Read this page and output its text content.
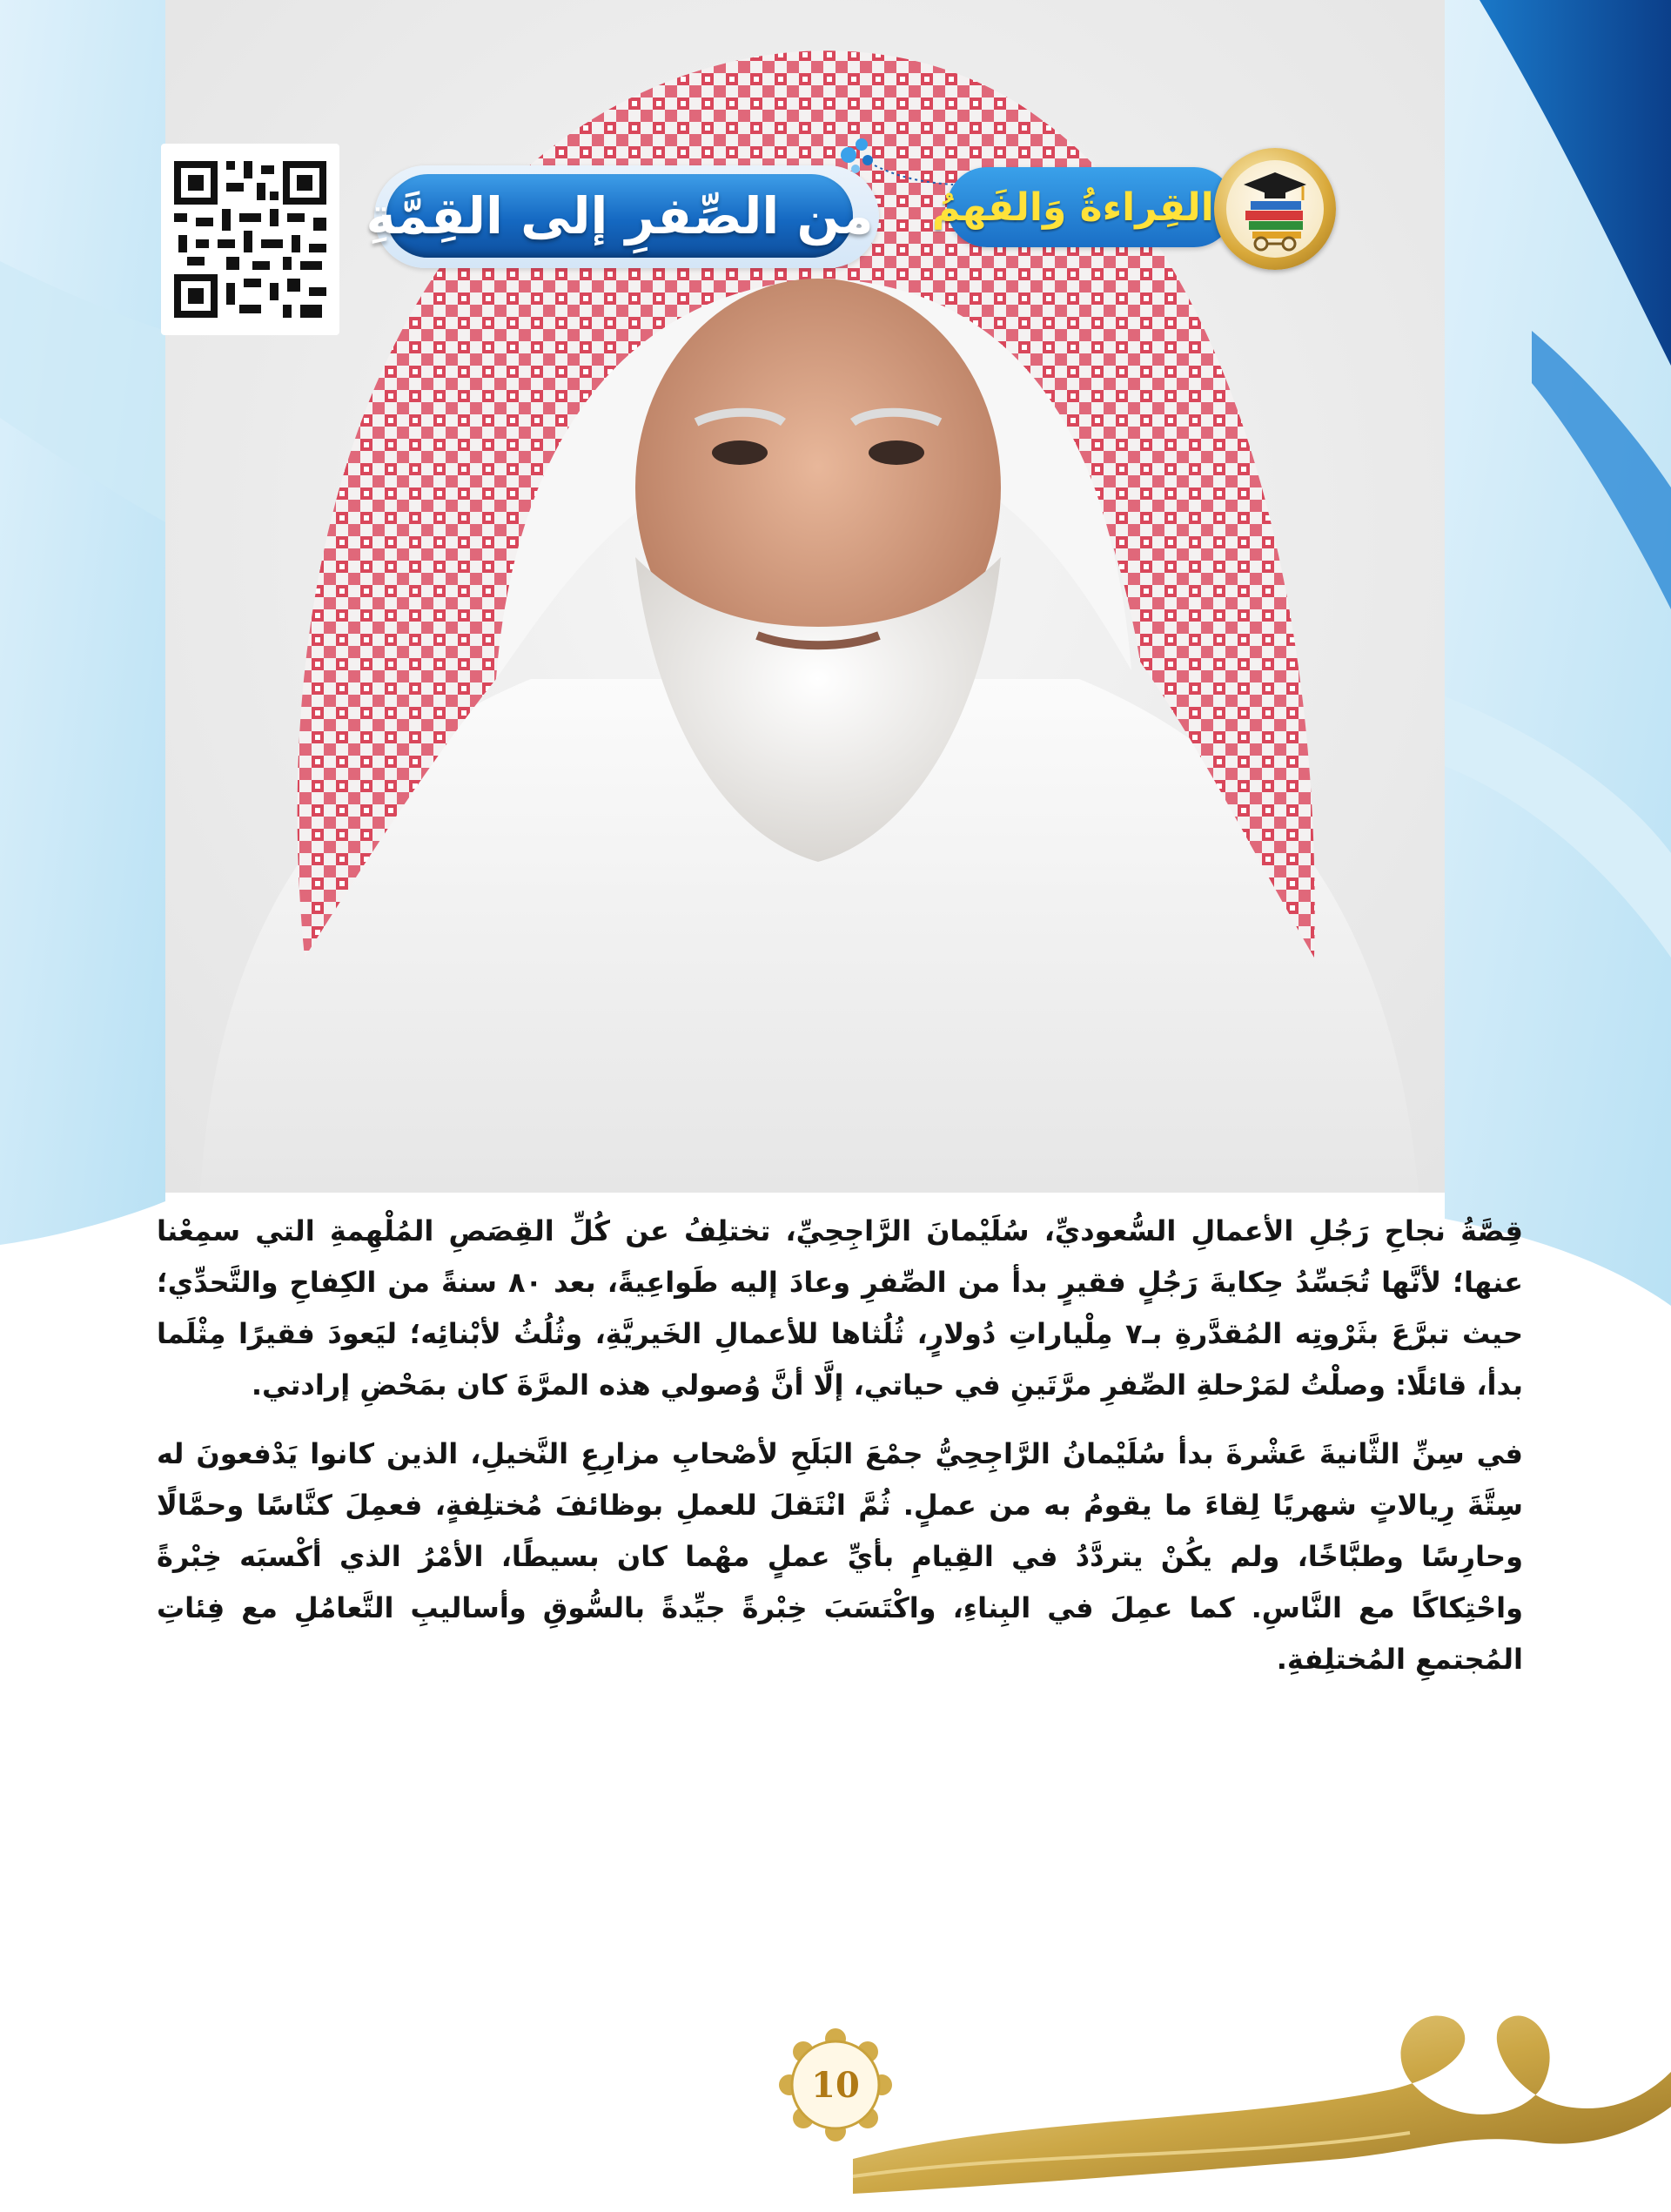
من الصِّفرِ إلى القِمَّةِ القِراءةُ وَالفَهمُ

قِصَّةُ نجاحِ رَجُلِ الأعمالِ السُّعوديِّ، سُلَيْمانَ الرَّاجِحِيِّ، تختلِفُ عن كُلِّ القِصَصِ المُلْهِمةِ التي سمِعْنا عنها؛ لأنَّها تُجَسِّدُ حِكايةَ رَجُلٍ فقيرٍ بدأ من الصِّفرِ وعادَ إليه طَواعِيةً، بعد ٨٠ سنةً من الكِفاحِ والتَّحدِّي؛ حيث تبرَّعَ بثَرْوتِه المُقدَّرةِ بـ٧ مِلْياراتِ دُولارٍ، ثُلُثاها للأعمالِ الخَيريَّةِ، وثُلُثُ لأبْنائِه؛ ليَعودَ فقيرًا مِثْلَما بدأ، قائلًا: وصلْتُ لمَرْحلةِ الصِّفرِ مرَّتَينِ في حياتي، إلَّا أنَّ وُصولي هذه المرَّةَ كان بمَحْضِ إرادتي.

في سِنِّ الثَّانيةَ عَشْرةَ بدأ سُلَيْمانُ الرَّاجِحِيُّ جمْعَ البَلَحِ لأصْحابِ مزارِعِ النَّخيلِ، الذين كانوا يَدْفعونَ له سِتَّةَ رِيالاتٍ شهريًا لِقاءَ ما يقومُ به من عملٍ. ثُمَّ انْتَقلَ للعملِ بوظائفَ مُختلِفةٍ، فعمِلَ كنَّاسًا وحمَّالًا وحارِسًا وطبَّاخًا، ولم يكُنْ يتردَّدُ في القِيامِ بأيِّ عملٍ مهْما كان بسيطًا، الأمْرُ الذي أكْسبَه خِبْرةً واحْتِكاكًا مع النَّاسِ. كما عمِلَ في البِناءِ، واكْتَسَبَ خِبْرةً جيِّدةً بالسُّوقِ وأساليبِ التَّعامُلِ مع فِئاتِ المُجتمعِ المُختلِفةِ.

10
